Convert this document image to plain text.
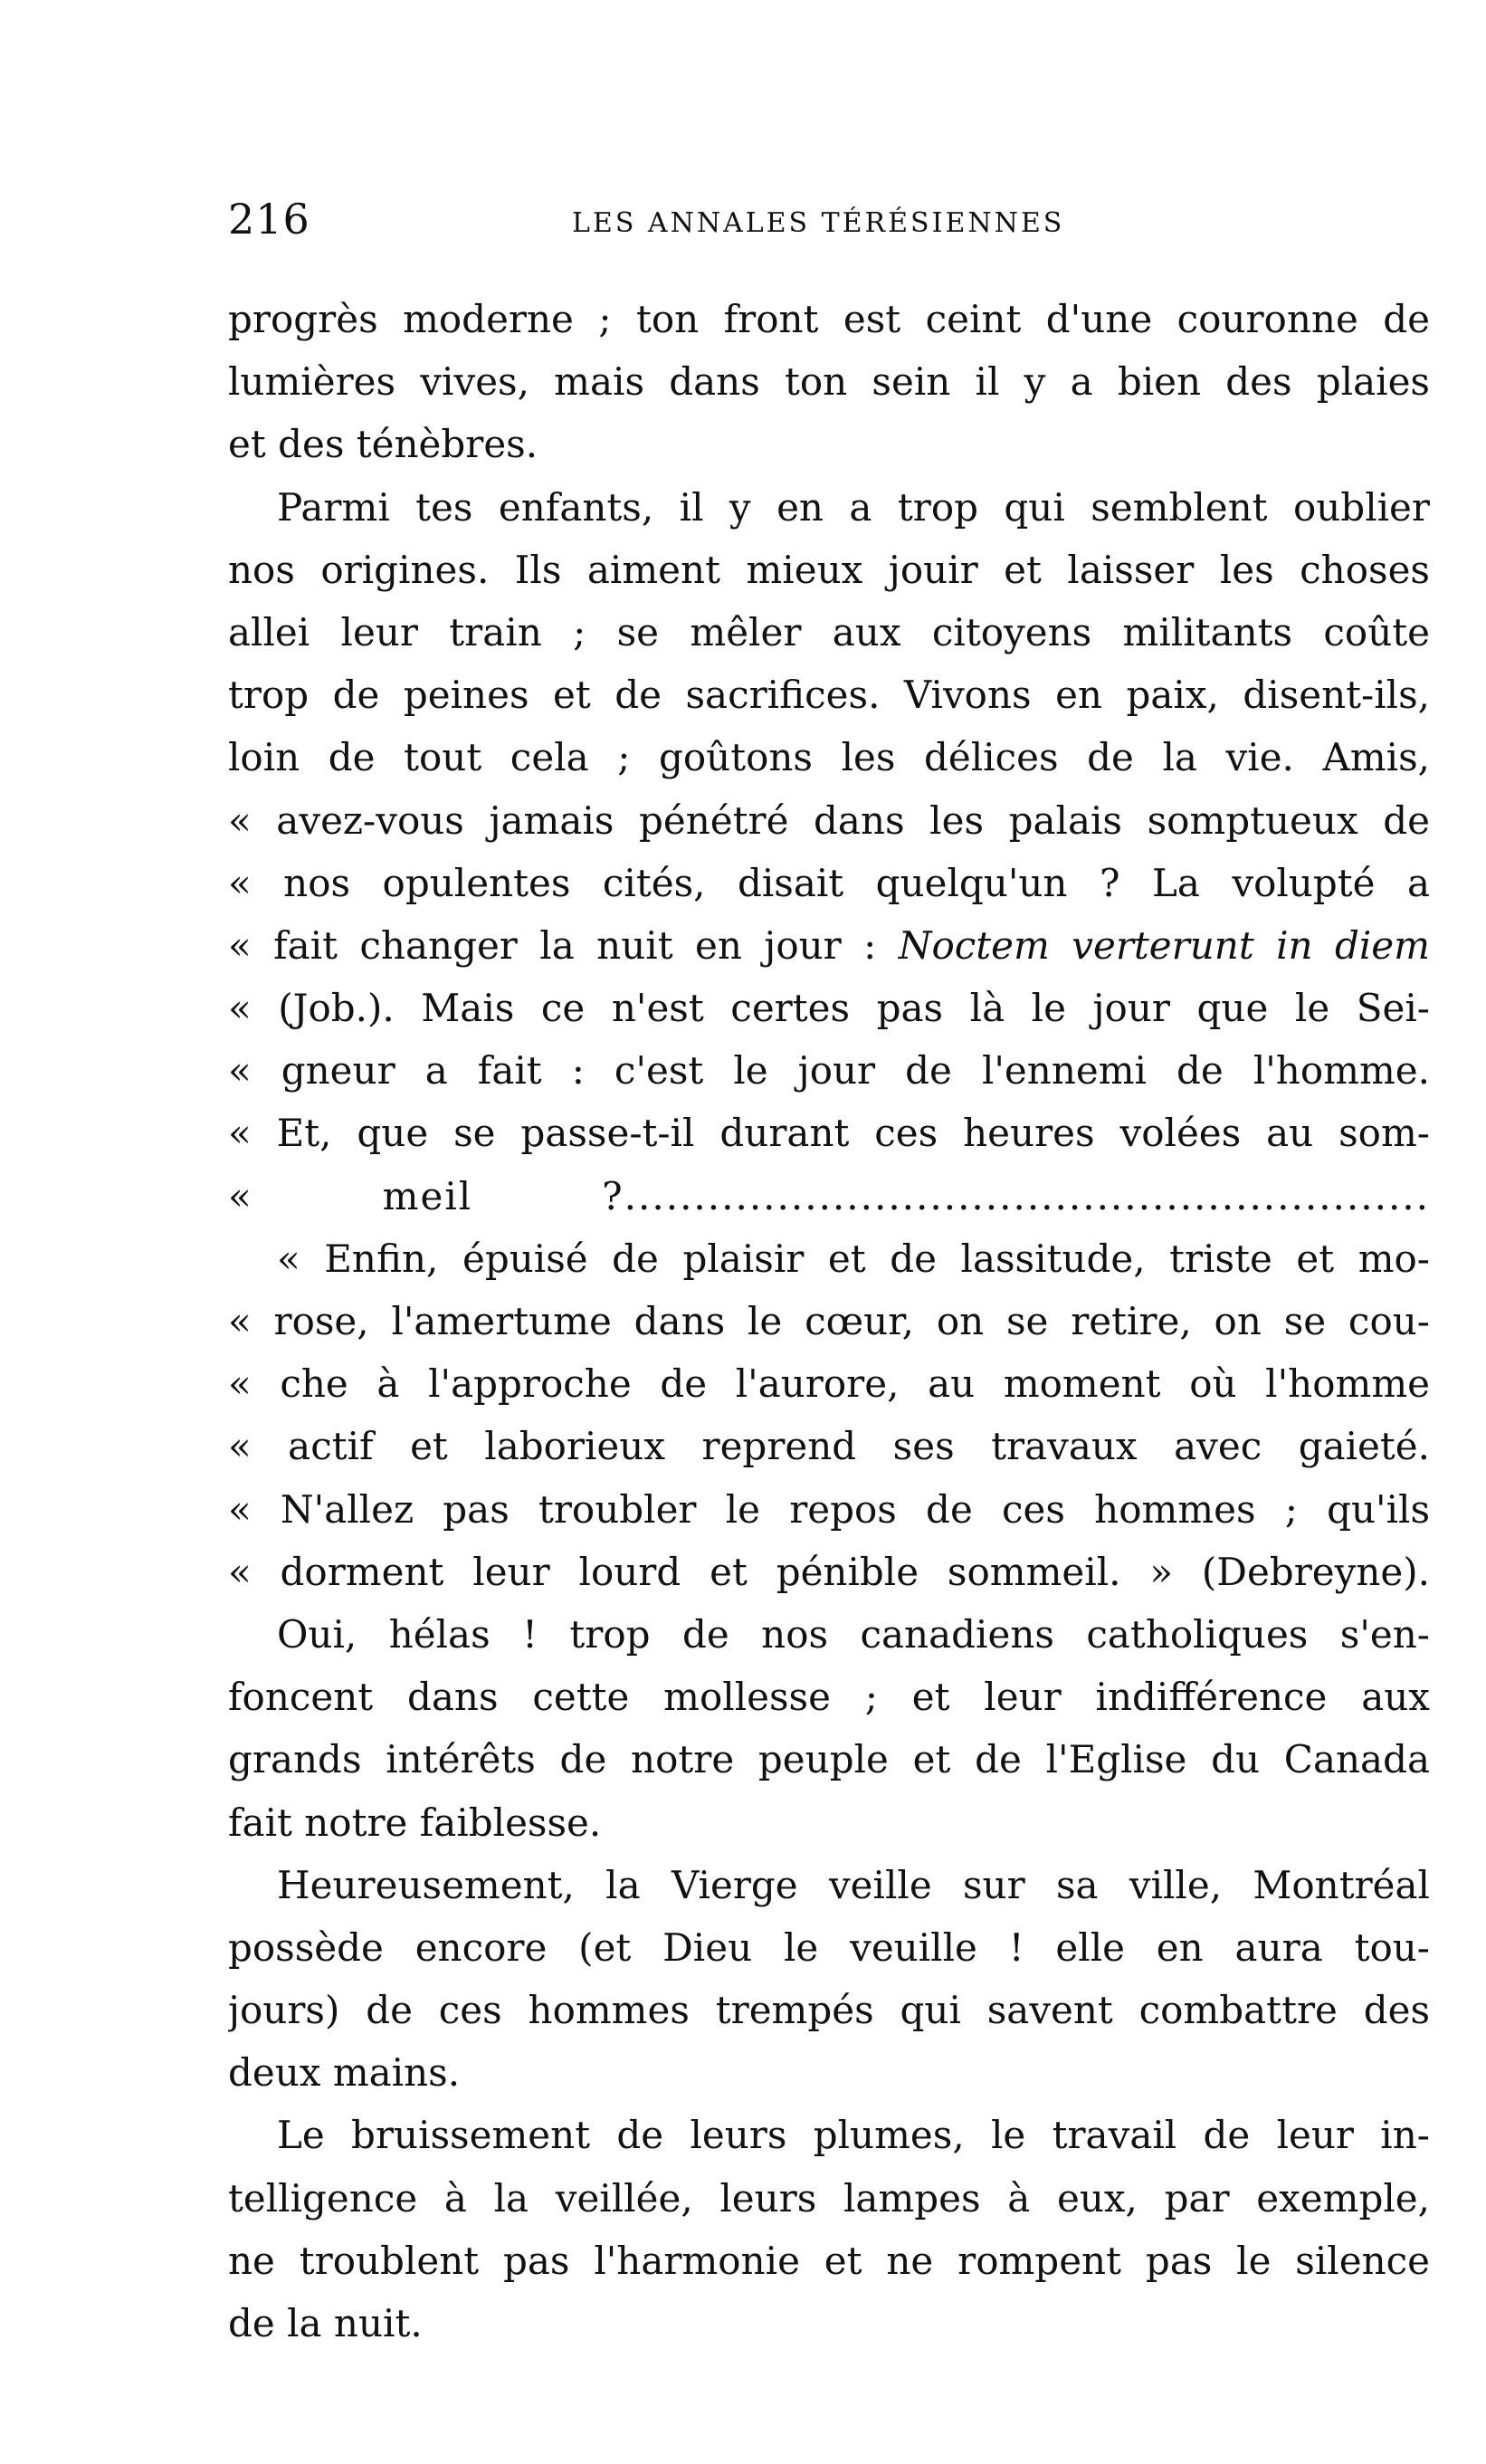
216	LES ANNALES TÉRÉSIENNES
progrès moderne ; ton front est ceint d'une couronne de
lumières vives, mais dans ton sein il y a bien des plaies
et des ténèbres.
Parmi tes enfants, il y en a trop qui semblent oublier
nos origines. Ils aiment mieux jouir et laisser les choses
allei leur train ; se mêler aux citoyens militants coûte
trop de peines et de sacrifices. Vivons en paix, disent-ils,
loin de tout cela ; goûtons les délices de la vie. Amis,
« avez-vous jamais pénétré dans les palais somptueux de
« nos opulentes cités, disait quelqu'un ? La volupté a
« fait changer la nuit en jour : Noctem verterunt in diem
« (Job.). Mais ce n'est certes pas là le jour que le Sei-
« gneur a fait : c'est le jour de l'ennemi de l'homme.
« Et, que se passe-t-il durant ces heures volées au som-
« meil ?..........................................................
« Enfin, épuisé de plaisir et de lassitude, triste et mo-
« rose, l'amertume dans le cœur, on se retire, on se cou-
« che à l'approche de l'aurore, au moment où l'homme
« actif et laborieux reprend ses travaux avec gaieté.
« N'allez pas troubler le repos de ces hommes ; qu'ils
« dorment leur lourd et pénible sommeil. » (Debreyne).
Oui, hélas ! trop de nos canadiens catholiques s'en-
foncent dans cette mollesse ; et leur indifférence aux
grands intérêts de notre peuple et de l'Eglise du Canada
fait notre faiblesse.
Heureusement, la Vierge veille sur sa ville, Montréal
possède encore (et Dieu le veuille ! elle en aura tou-
jours) de ces hommes trempés qui savent combattre des
deux mains.
Le bruissement de leurs plumes, le travail de leur in-
telligence à la veillée, leurs lampes à eux, par exemple,
ne troublent pas l'harmonie et ne rompent pas le silence
de la nuit.
